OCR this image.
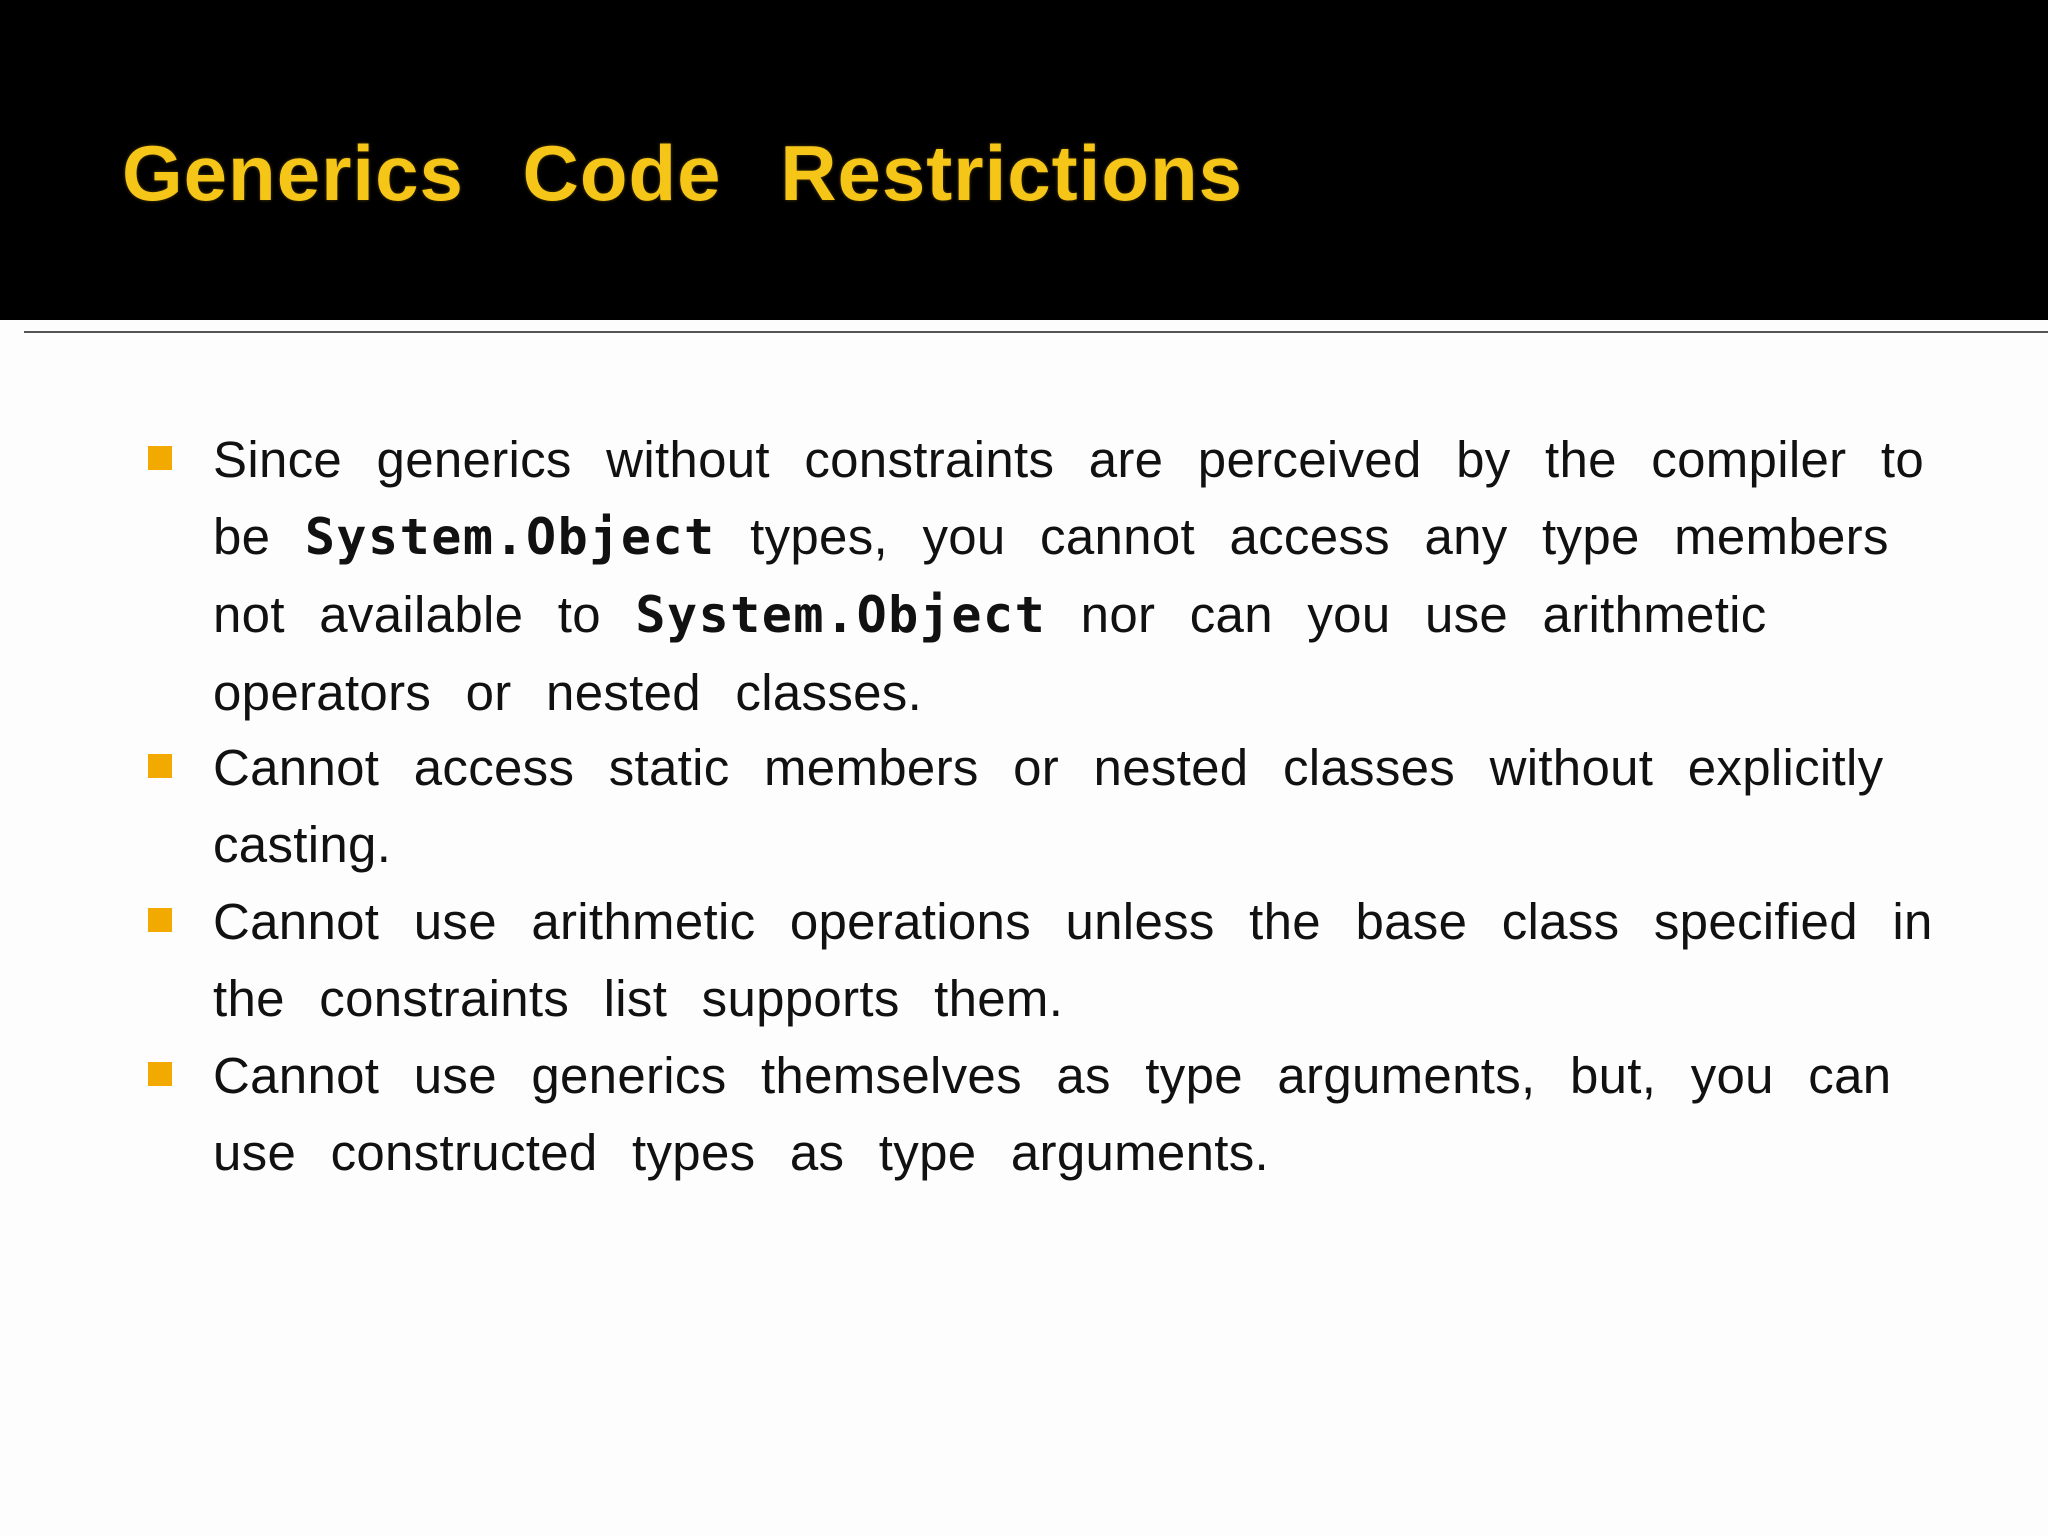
Generics Code Restrictions
Since generics without constraints are perceived by the compiler to be System.Object types, you cannot access any type members not available to System.Object nor can you use arithmetic operators or nested classes.
Cannot access static members or nested classes without explicitly casting.
Cannot use arithmetic operations unless the base class specified in the constraints list supports them.
Cannot use generics themselves as type arguments, but, you can use constructed types as type arguments.
